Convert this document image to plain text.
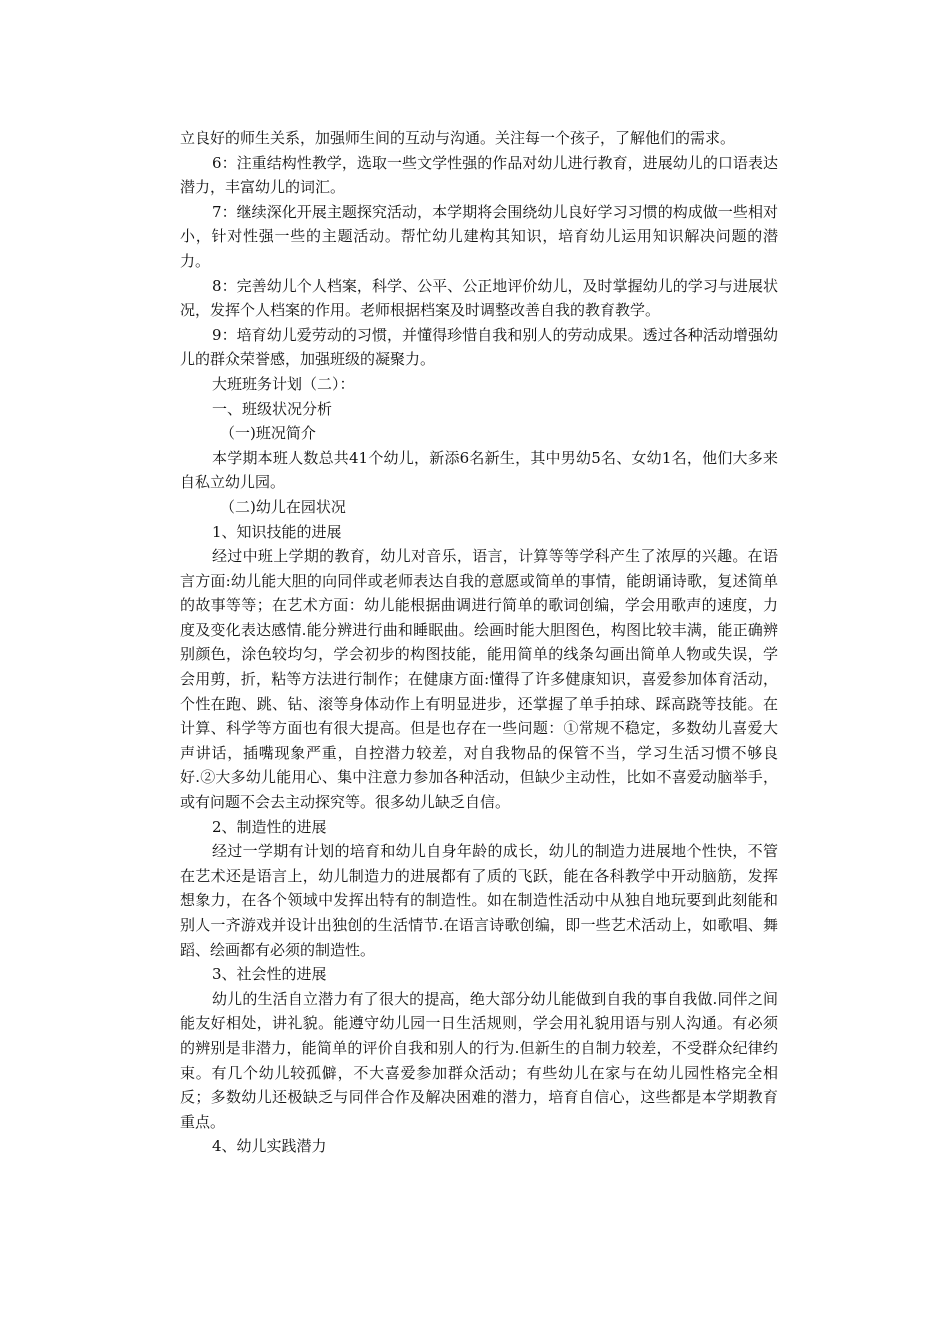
立良好的师生关系，加强师生间的互动与沟通。关注每一个孩子，了解他们的需求。

6：注重结构性教学，选取一些文学性强的作品对幼儿进行教育，进展幼儿的口语表达潜力，丰富幼儿的词汇。

7：继续深化开展主题探究活动，本学期将会围绕幼儿良好学习习惯的构成做一些相对小，针对性强一些的主题活动。帮忙幼儿建构其知识，培育幼儿运用知识解决问题的潜力。

8：完善幼儿个人档案，科学、公平、公正地评价幼儿，及时掌握幼儿的学习与进展状况，发挥个人档案的作用。老师根据档案及时调整改善自我的教育教学。

9：培育幼儿爱劳动的习惯，并懂得珍惜自我和别人的劳动成果。透过各种活动增强幼儿的群众荣誉感，加强班级的凝聚力。

大班班务计划（二）：

一、班级状况分析

（一)班况简介

本学期本班人数总共41个幼儿，新添6名新生，其中男幼5名、女幼1名，他们大多来自私立幼儿园。

（二)幼儿在园状况

1、知识技能的进展

经过中班上学期的教育，幼儿对音乐，语言，计算等等学科产生了浓厚的兴趣。在语言方面:幼儿能大胆的向同伴或老师表达自我的意愿或简单的事情，能朗诵诗歌，复述简单的故事等等；在艺术方面：幼儿能根据曲调进行简单的歌词创编，学会用歌声的速度，力度及变化表达感情.能分辨进行曲和睡眠曲。绘画时能大胆图色，构图比较丰满，能正确辨别颜色，涂色较均匀，学会初步的构图技能，能用简单的线条勾画出简单人物或失误，学会用剪，折，粘等方法进行制作；在健康方面:懂得了许多健康知识，喜爱参加体育活动，个性在跑、跳、钻、滚等身体动作上有明显进步，还掌握了单手拍球、踩高跷等技能。在计算、科学等方面也有很大提高。但是也存在一些问题：①常规不稳定，多数幼儿喜爱大声讲话，插嘴现象严重，自控潜力较差，对自我物品的保管不当，学习生活习惯不够良好.②大多幼儿能用心、集中注意力参加各种活动，但缺少主动性，比如不喜爱动脑举手，或有问题不会去主动探究等。很多幼儿缺乏自信。

2、制造性的进展

经过一学期有计划的培育和幼儿自身年龄的成长，幼儿的制造力进展地个性快，不管在艺术还是语言上，幼儿制造力的进展都有了质的飞跃，能在各科教学中开动脑筋，发挥想象力，在各个领域中发挥出特有的制造性。如在制造性活动中从独自地玩要到此刻能和别人一齐游戏并设计出独创的生活情节.在语言诗歌创编，即一些艺术活动上，如歌唱、舞蹈、绘画都有必须的制造性。

3、社会性的进展

幼儿的生活自立潜力有了很大的提高，绝大部分幼儿能做到自我的事自我做.同伴之间能友好相处，讲礼貌。能遵守幼儿园一日生活规则，学会用礼貌用语与别人沟通。有必须的辨别是非潜力，能简单的评价自我和别人的行为.但新生的自制力较差，不受群众纪律约束。有几个幼儿较孤僻，不大喜爱参加群众活动；有些幼儿在家与在幼儿园性格完全相反；多数幼儿还极缺乏与同伴合作及解决困难的潜力，培育自信心，这些都是本学期教育重点。

4、幼儿实践潜力
